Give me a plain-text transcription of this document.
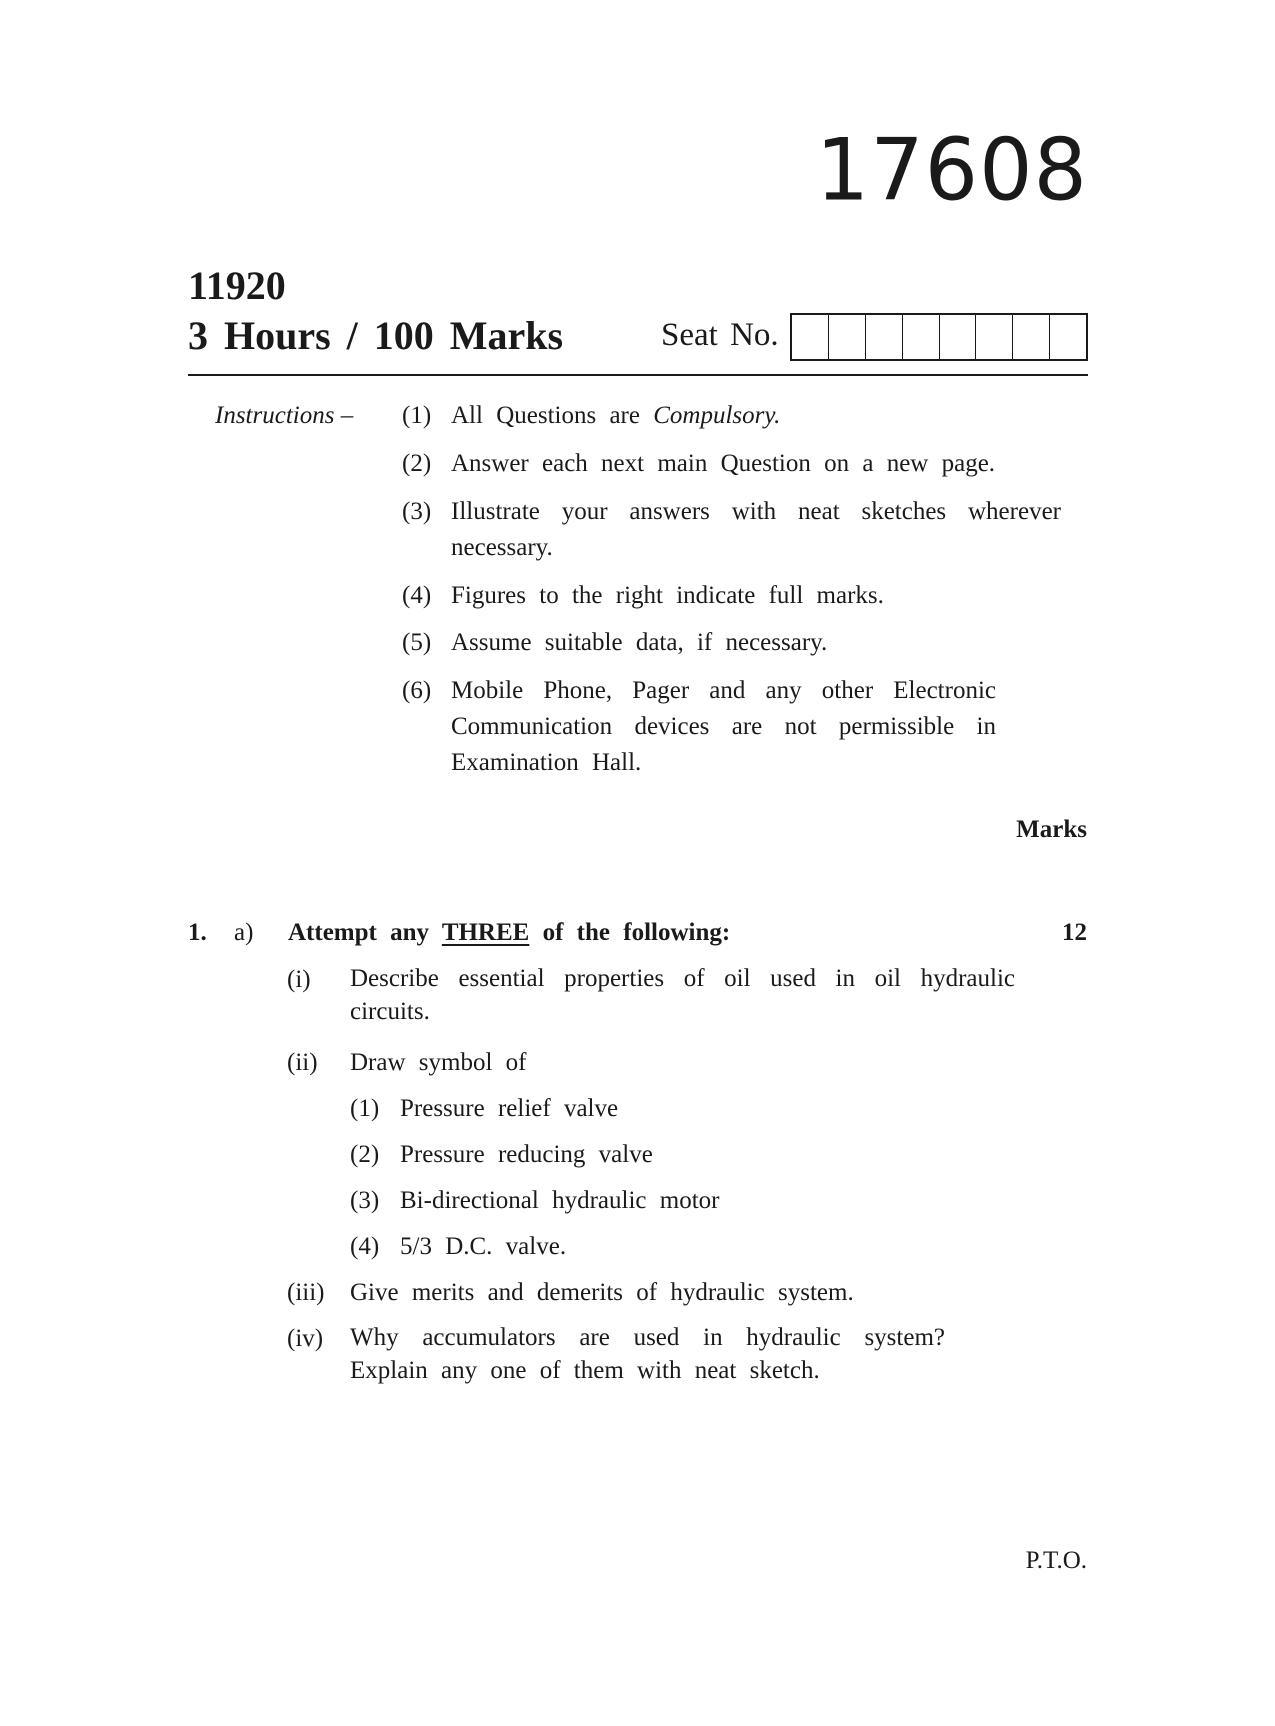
17608
11920
3 Hours / 100 Marks	Seat No.
Instructions – (1) All Questions are Compulsory.
(2) Answer each next main Question on a new page.
(3) Illustrate your answers with neat sketches wherever necessary.
(4) Figures to the right indicate full marks.
(5) Assume suitable data, if necessary.
(6) Mobile Phone, Pager and any other Electronic Communication devices are not permissible in Examination Hall.
Marks
1. a) Attempt any THREE of the following:	12
(i) Describe essential properties of oil used in oil hydraulic circuits.
(ii) Draw symbol of
(1) Pressure relief valve
(2) Pressure reducing valve
(3) Bi-directional hydraulic motor
(4) 5/3 D.C. valve.
(iii) Give merits and demerits of hydraulic system.
(iv) Why accumulators are used in hydraulic system? Explain any one of them with neat sketch.
P.T.O.
